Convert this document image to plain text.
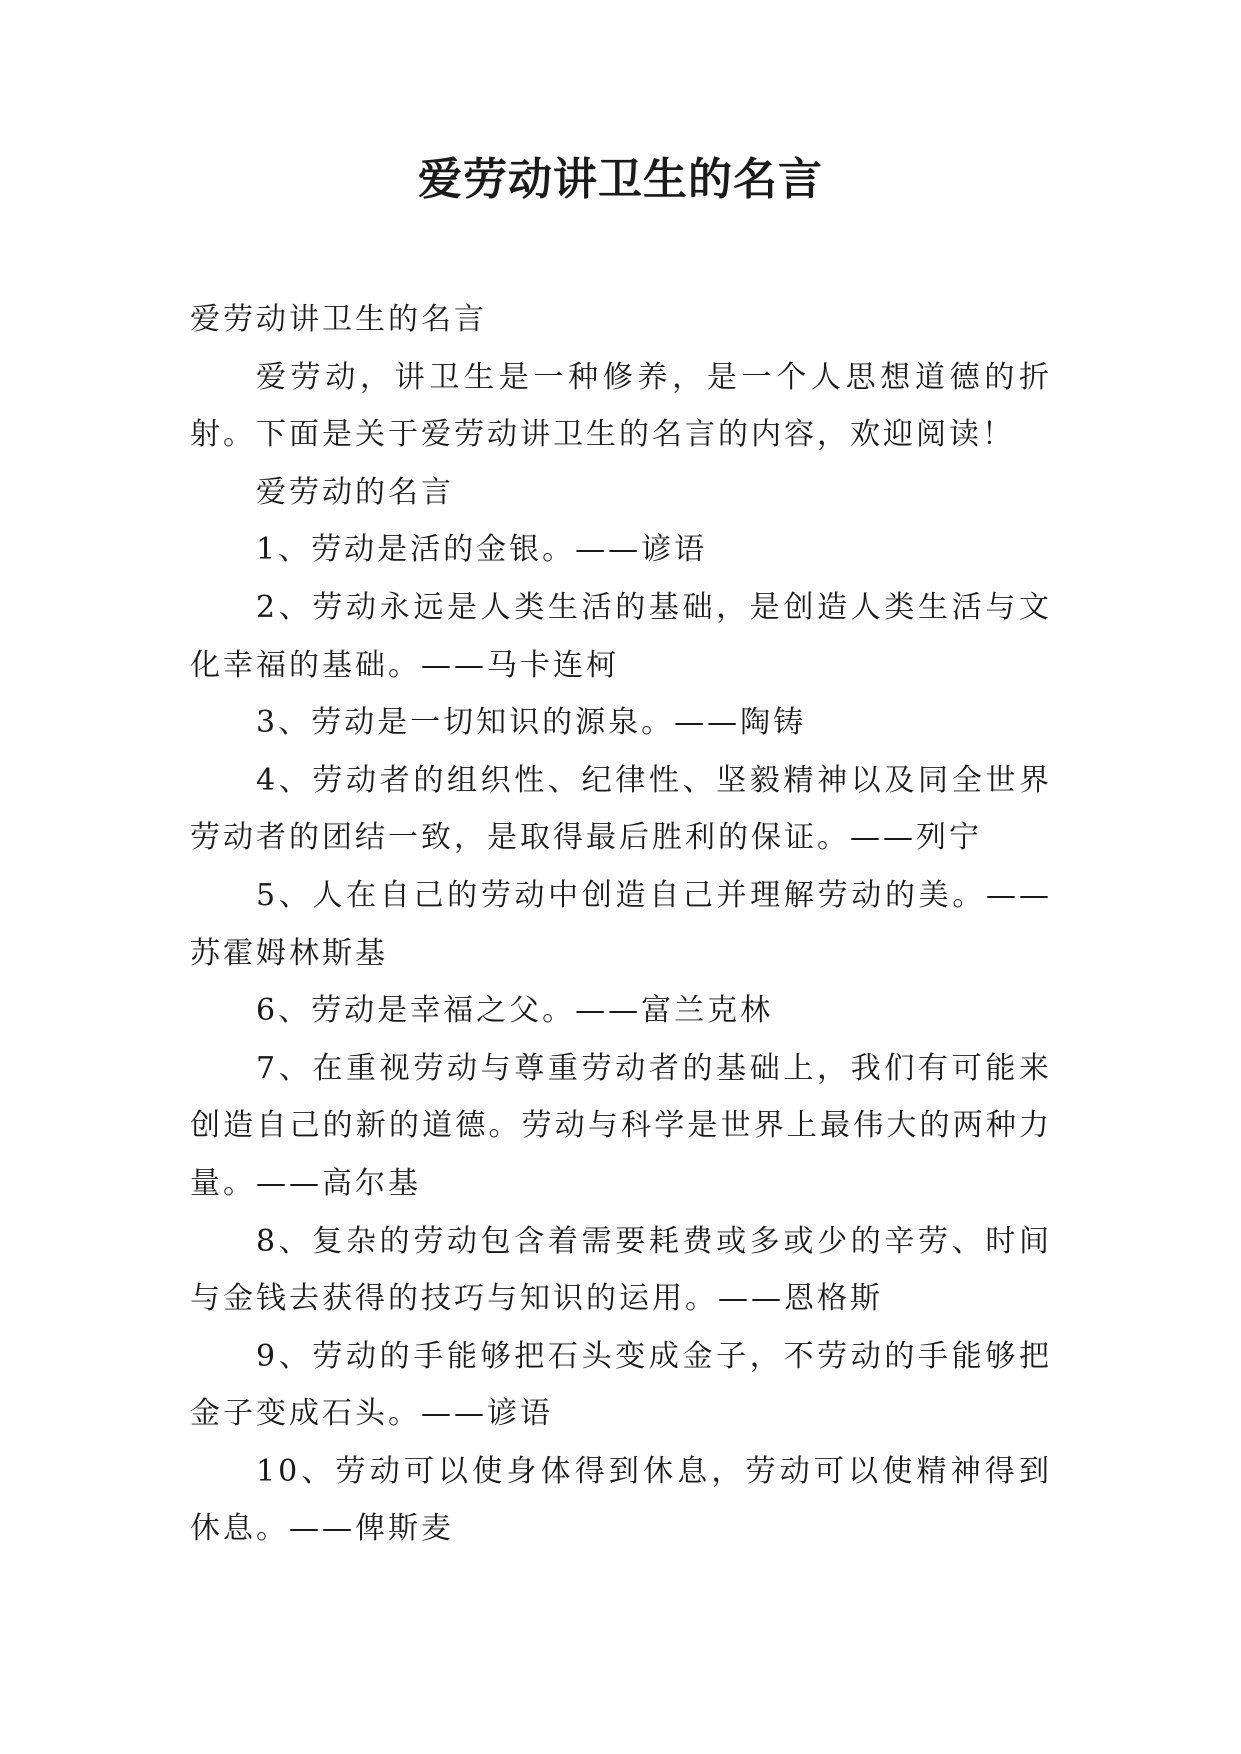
爱劳动讲卫生的名言

爱劳动讲卫生的名言

爱劳动，讲卫生是一种修养，是一个人思想道德的折射。下面是关于爱劳动讲卫生的名言的内容，欢迎阅读！

爱劳动的名言

1、劳动是活的金银。——谚语

2、劳动永远是人类生活的基础，是创造人类生活与文化幸福的基础。——马卡连柯

3、劳动是一切知识的源泉。——陶铸

4、劳动者的组织性、纪律性、坚毅精神以及同全世界劳动者的团结一致，是取得最后胜利的保证。——列宁

5、人在自己的劳动中创造自己并理解劳动的美。——苏霍姆林斯基

6、劳动是幸福之父。——富兰克林

7、在重视劳动与尊重劳动者的基础上，我们有可能来创造自己的新的道德。劳动与科学是世界上最伟大的两种力量。——高尔基

8、复杂的劳动包含着需要耗费或多或少的辛劳、时间与金钱去获得的技巧与知识的运用。——恩格斯

9、劳动的手能够把石头变成金子，不劳动的手能够把金子变成石头。——谚语

10、劳动可以使身体得到休息，劳动可以使精神得到休息。——俾斯麦
